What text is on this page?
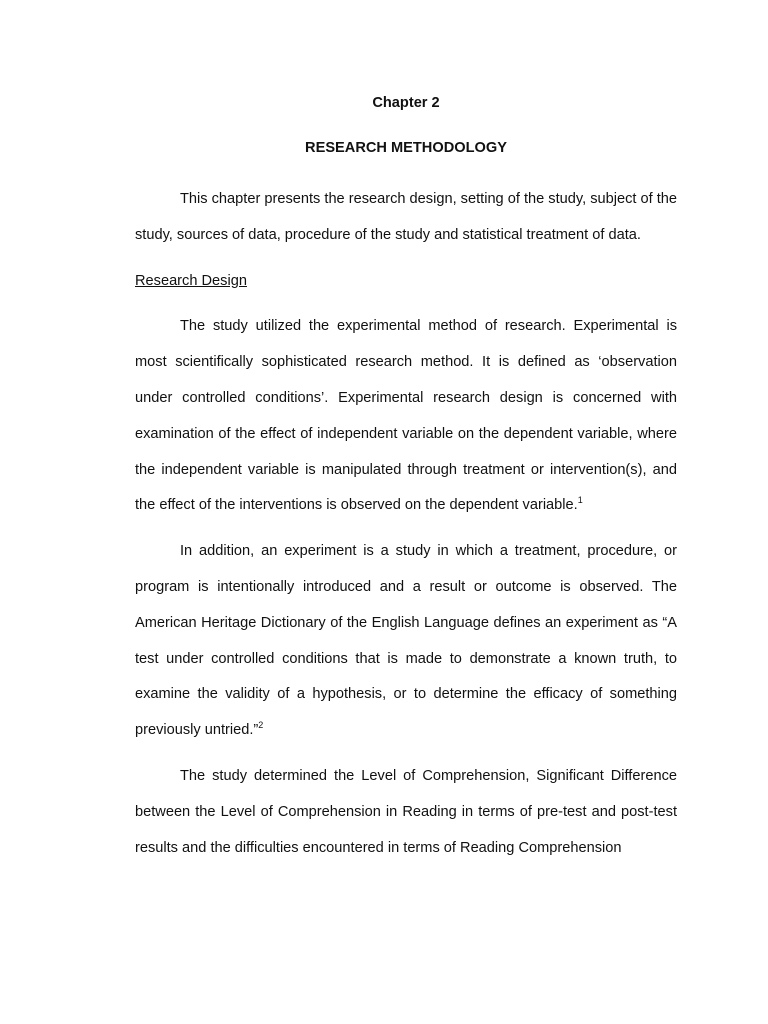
Chapter 2

RESEARCH METHODOLOGY

This chapter presents the research design, setting of the study, subject of the study, sources of data, procedure of the study and statistical treatment of data.

Research Design

The study utilized the experimental method of research. Experimental is most scientifically sophisticated research method. It is defined as ‘observation under controlled conditions’. Experimental research design is concerned with examination of the effect of independent variable on the dependent variable, where the independent variable is manipulated through treatment or intervention(s), and the effect of the interventions is observed on the dependent variable.$^1$

In addition, an experiment is a study in which a treatment, procedure, or program is intentionally introduced and a result or outcome is observed. The American Heritage Dictionary of the English Language defines an experiment as “A test under controlled conditions that is made to demonstrate a known truth, to examine the validity of a hypothesis, or to determine the efficacy of something previously untried.”$^2$

The study determined the Level of Comprehension, Significant Difference between the Level of Comprehension in Reading in terms of pre-test and post-test results and the difficulties encountered in terms of Reading Comprehension
